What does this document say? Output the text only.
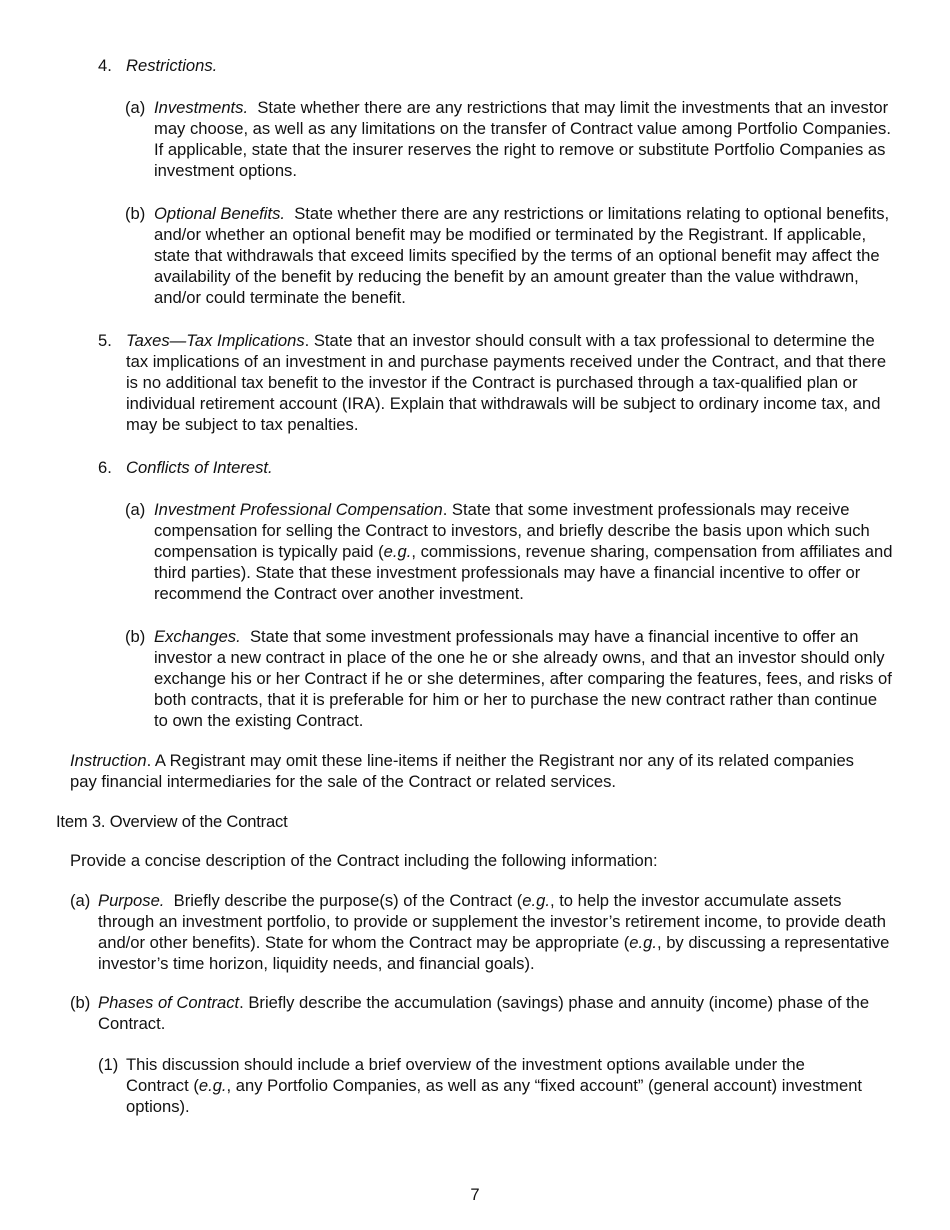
4. Restrictions.
(a) Investments. State whether there are any restrictions that may limit the investments that an investor may choose, as well as any limitations on the transfer of Contract value among Portfolio Companies. If applicable, state that the insurer reserves the right to remove or substitute Portfolio Companies as investment options.
(b) Optional Benefits. State whether there are any restrictions or limitations relating to optional benefits, and/or whether an optional benefit may be modified or terminated by the Registrant. If applicable, state that withdrawals that exceed limits specified by the terms of an optional benefit may affect the availability of the benefit by reducing the benefit by an amount greater than the value withdrawn, and/or could terminate the benefit.
5. Taxes—Tax Implications. State that an investor should consult with a tax professional to determine the tax implications of an investment in and purchase payments received under the Contract, and that there is no additional tax benefit to the investor if the Contract is purchased through a tax-qualified plan or individual retirement account (IRA). Explain that withdrawals will be subject to ordinary income tax, and may be subject to tax penalties.
6. Conflicts of Interest.
(a) Investment Professional Compensation. State that some investment professionals may receive compensation for selling the Contract to investors, and briefly describe the basis upon which such compensation is typically paid (e.g., commissions, revenue sharing, compensation from affiliates and third parties). State that these investment professionals may have a financial incentive to offer or recommend the Contract over another investment.
(b) Exchanges. State that some investment professionals may have a financial incentive to offer an investor a new contract in place of the one he or she already owns, and that an investor should only exchange his or her Contract if he or she determines, after comparing the features, fees, and risks of both contracts, that it is preferable for him or her to purchase the new contract rather than continue to own the existing Contract.
Instruction. A Registrant may omit these line-items if neither the Registrant nor any of its related companies pay financial intermediaries for the sale of the Contract or related services.
Item 3. Overview of the Contract
Provide a concise description of the Contract including the following information:
(a) Purpose. Briefly describe the purpose(s) of the Contract (e.g., to help the investor accumulate assets through an investment portfolio, to provide or supplement the investor’s retirement income, to provide death and/or other benefits). State for whom the Contract may be appropriate (e.g., by discussing a representative investor’s time horizon, liquidity needs, and financial goals).
(b) Phases of Contract. Briefly describe the accumulation (savings) phase and annuity (income) phase of the Contract.
(1) This discussion should include a brief overview of the investment options available under the Contract (e.g., any Portfolio Companies, as well as any “fixed account” (general account) investment options).
7
